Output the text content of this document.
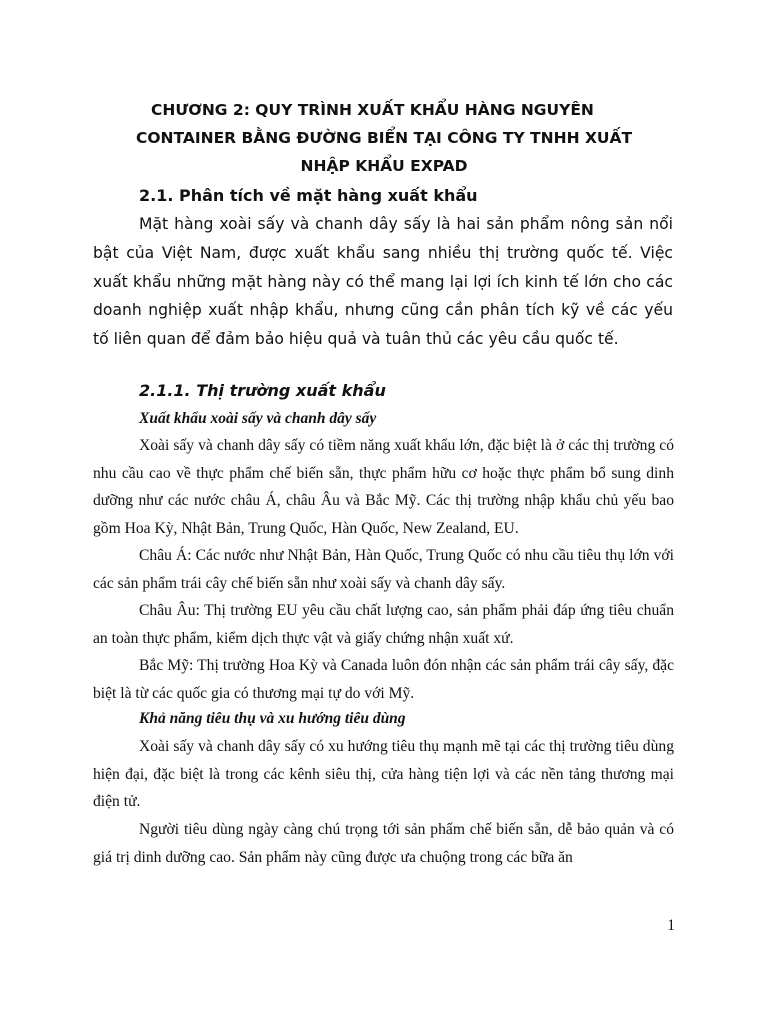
CHƯƠNG 2: QUY TRÌNH XUẤT KHẨU HÀNG NGUYÊN
CONTAINER BẰNG ĐƯỜNG BIỂN TẠI CÔNG TY TNHH XUẤT
NHẬP KHẨU EXPAD
2.1. Phân tích về mặt hàng xuất khẩu

Mặt hàng xoài sấy và chanh dây sấy là hai sản phẩm nông sản nổi bật của Việt Nam, được xuất khẩu sang nhiều thị trường quốc tế. Việc xuất khẩu những mặt hàng này có thể mang lại lợi ích kinh tế lớn cho các doanh nghiệp xuất nhập khẩu, nhưng cũng cần phân tích kỹ về các yếu tố liên quan để đảm bảo hiệu quả và tuân thủ các yêu cầu quốc tế.

2.1.1. Thị trường xuất khẩu
Xuất khẩu xoài sấy và chanh dây sấy

Xoài sấy và chanh dây sấy có tiềm năng xuất khẩu lớn, đặc biệt là ở các thị trường có nhu cầu cao về thực phẩm chế biến sẵn, thực phẩm hữu cơ hoặc thực phẩm bổ sung dinh dưỡng như các nước châu Á, châu Âu và Bắc Mỹ. Các thị trường nhập khẩu chủ yếu bao gồm Hoa Kỳ, Nhật Bản, Trung Quốc, Hàn Quốc, New Zealand, EU.

Châu Á: Các nước như Nhật Bản, Hàn Quốc, Trung Quốc có nhu cầu tiêu thụ lớn với các sản phẩm trái cây chế biến sẵn như xoài sấy và chanh dây sấy.

Châu Âu: Thị trường EU yêu cầu chất lượng cao, sản phẩm phải đáp ứng tiêu chuẩn an toàn thực phẩm, kiểm dịch thực vật và giấy chứng nhận xuất xứ.

Bắc Mỹ: Thị trường Hoa Kỳ và Canada luôn đón nhận các sản phẩm trái cây sấy, đặc biệt là từ các quốc gia có thương mại tự do với Mỹ.

Khả năng tiêu thụ và xu hướng tiêu dùng

Xoài sấy và chanh dây sấy có xu hướng tiêu thụ mạnh mẽ tại các thị trường tiêu dùng hiện đại, đặc biệt là trong các kênh siêu thị, cửa hàng tiện lợi và các nền tảng thương mại điện tử.

Người tiêu dùng ngày càng chú trọng tới sản phẩm chế biến sẵn, dễ bảo quản và có giá trị dinh dưỡng cao. Sản phẩm này cũng được ưa chuộng trong các bữa ăn

1
